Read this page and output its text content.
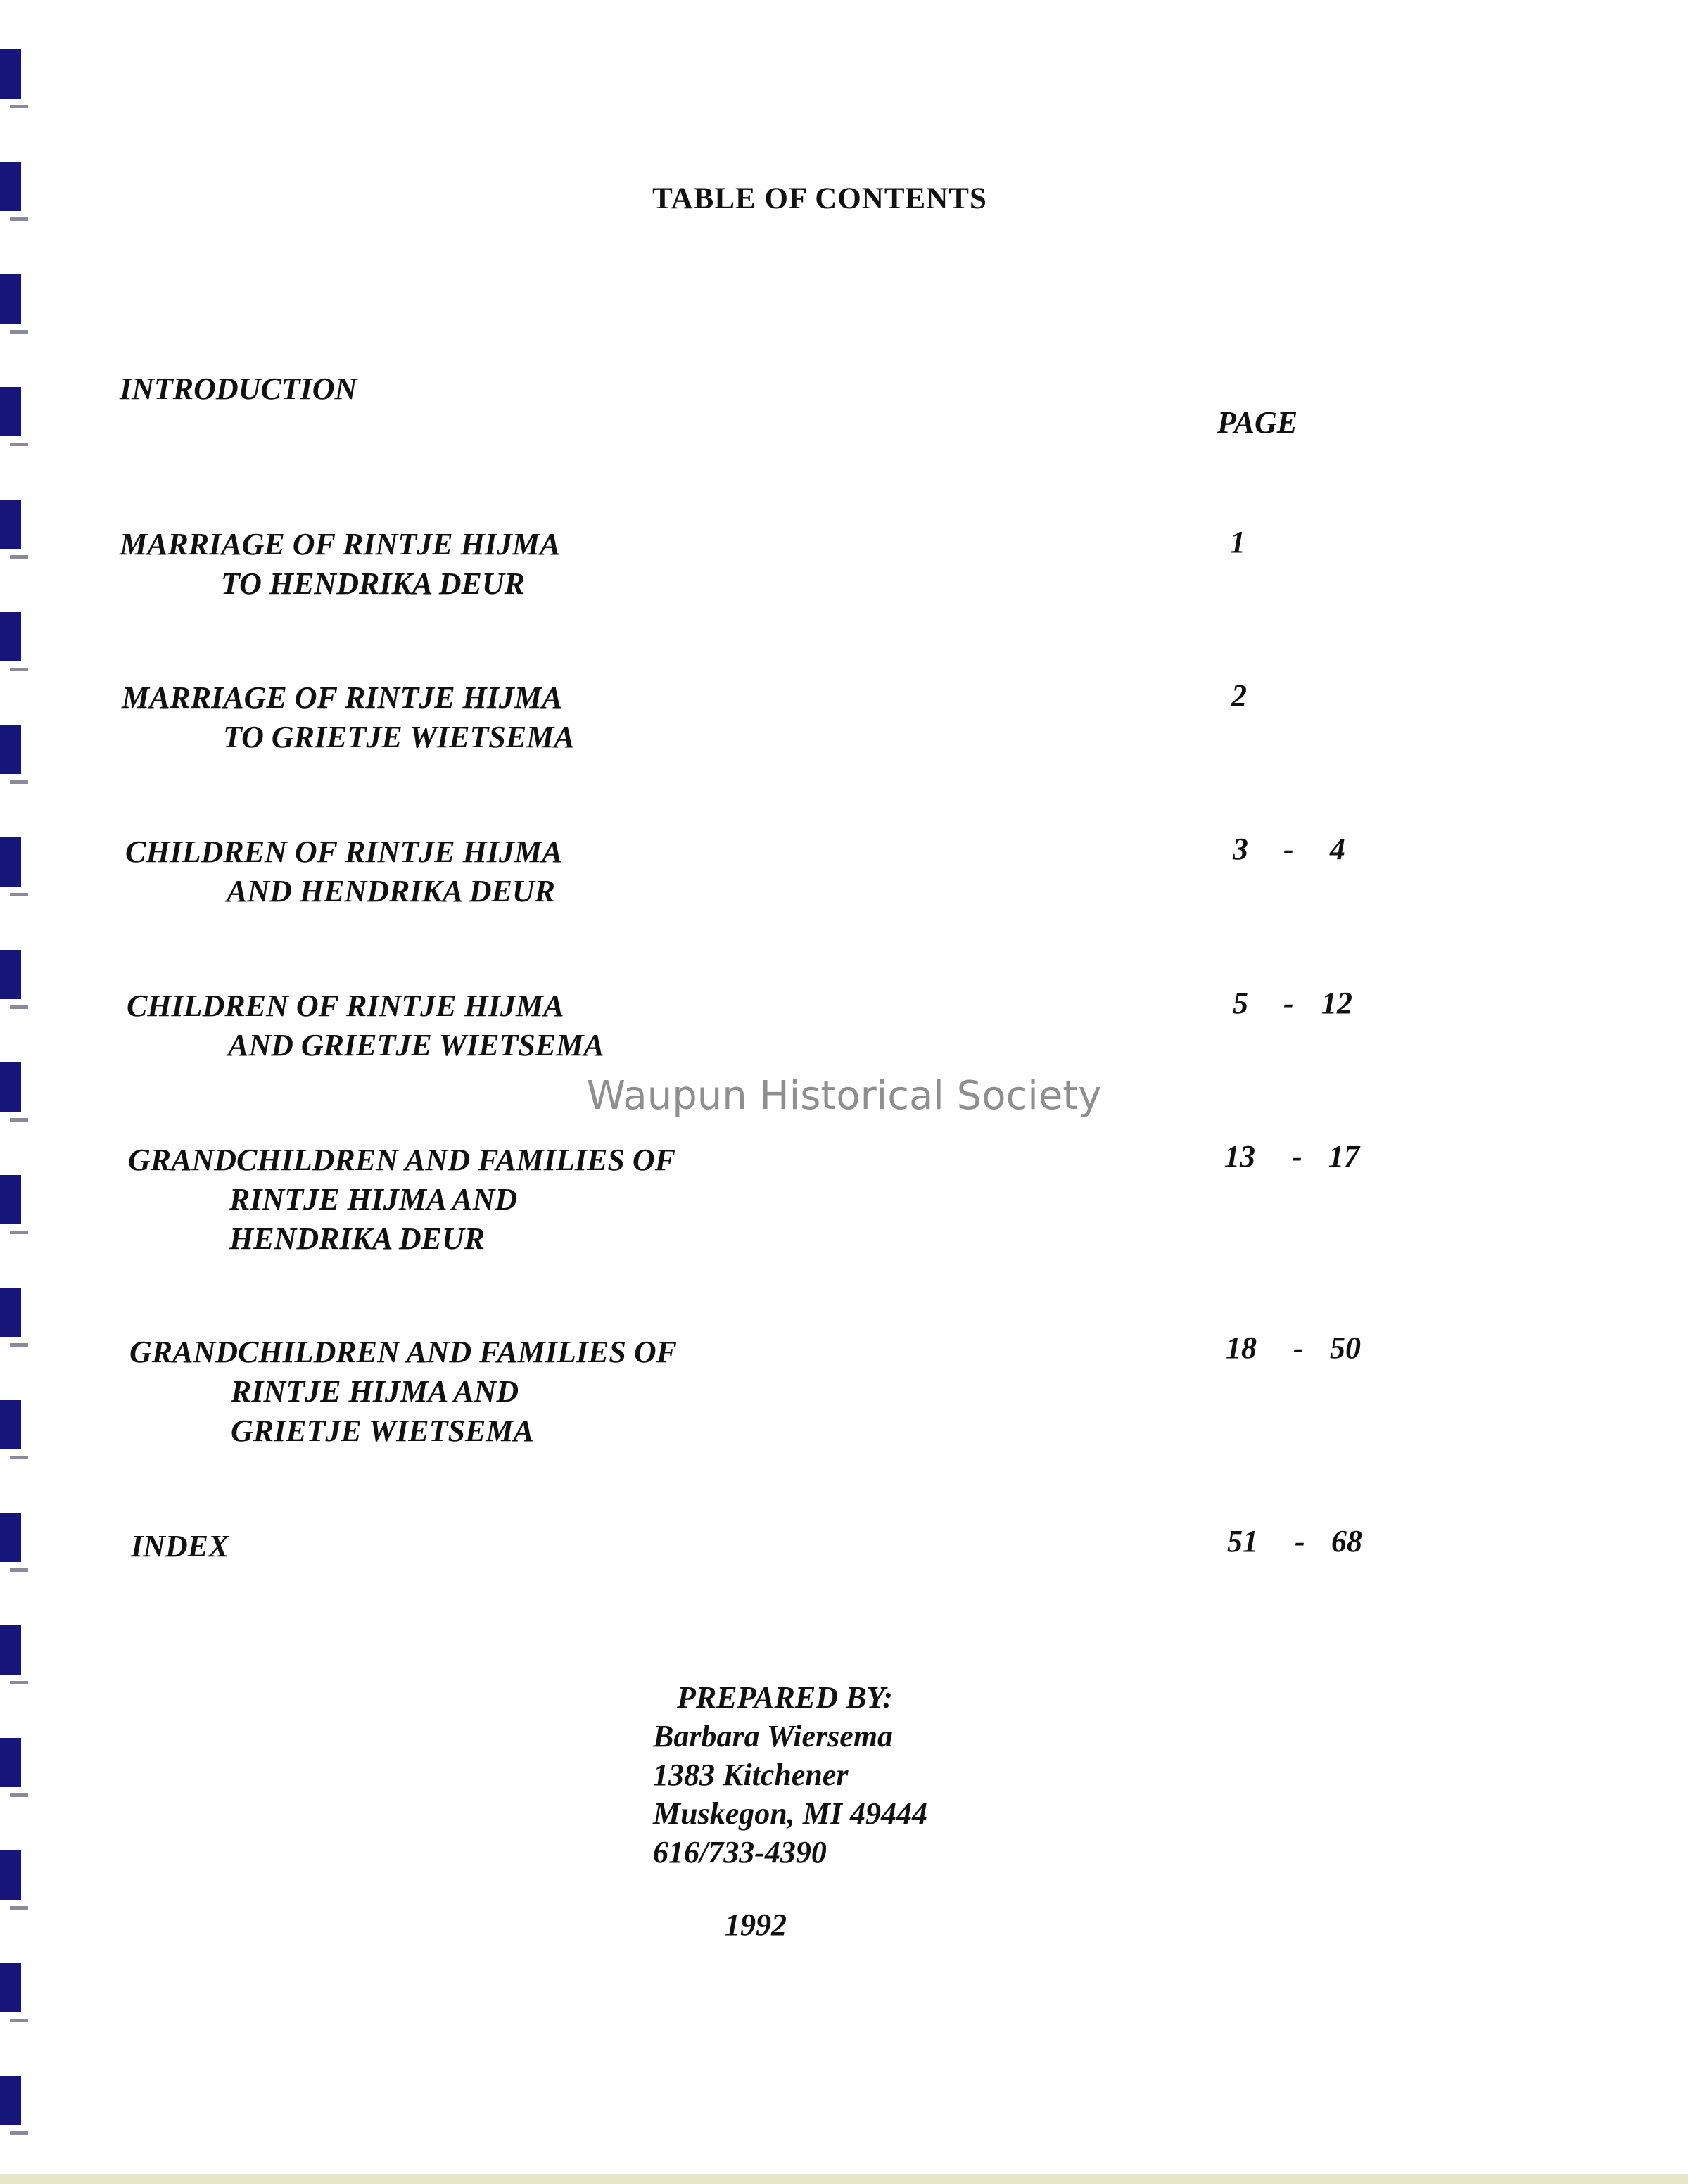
TABLE OF CONTENTS
INTRODUCTION
PAGE
MARRIAGE OF RINTJE HIJMA
TO HENDRIKA DEUR
1
MARRIAGE OF RINTJE HIJMA
TO GRIETJE WIETSEMA
2
CHILDREN OF RINTJE HIJMA
AND HENDRIKA DEUR
3 - 4
CHILDREN OF RINTJE HIJMA
AND GRIETJE WIETSEMA
5 - 12
GRANDCHILDREN AND FAMILIES OF
RINTJE HIJMA AND
HENDRIKA DEUR
13 - 17
GRANDCHILDREN AND FAMILIES OF
RINTJE HIJMA AND
GRIETJE WIETSEMA
18 - 50
INDEX	51 - 68
Waupun Historical Society
PREPARED BY:
Barbara Wiersema
1383 Kitchener
Muskegon, MI 49444
616/733-4390
1992
